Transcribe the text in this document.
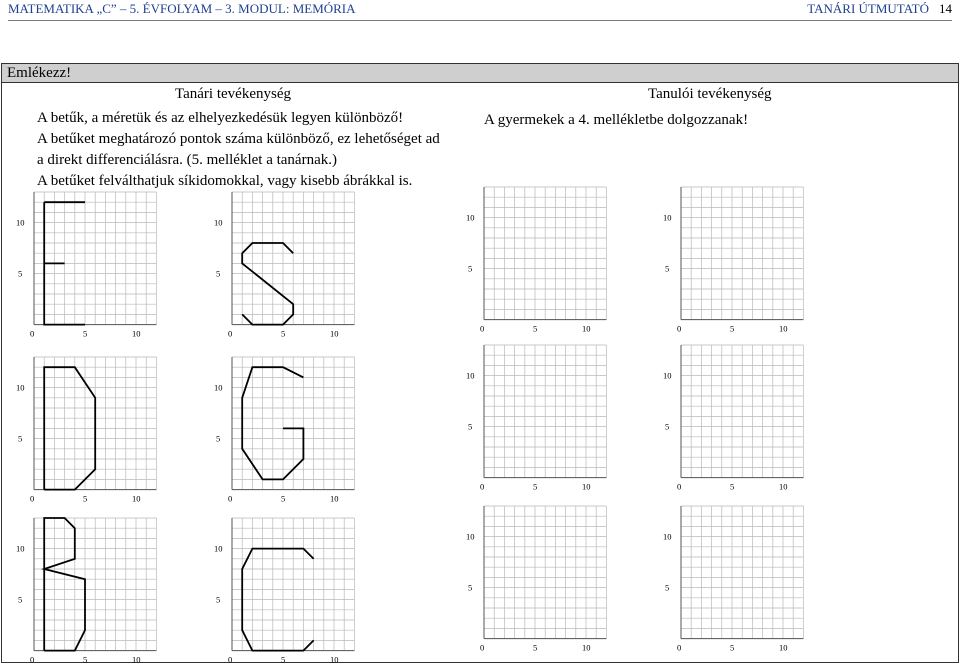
MATEMATIKA „C” – 5. ÉVFOLYAM – 3. MODUL: MEMÓRIA	TANÁRI ÚTMUTATÓ 14
Emlékezz!
Tanári tevékenység	Tanulói tevékenység

A betűk, a méretük és az elhelyezkedésük legyen különböző!

A betűket meghatározó pontok száma különböző, ez lehetőséget ad

a direkt differenciálásra. (5. melléklet a tanárnak.)

A betűket felválthatjuk síkidomokkal, vagy kisebb ábrákkal is.

A gyermekek a 4. mellékletbe dolgozzanak!
0	5	10
5
10
0	5	10
5
10
0	5	10
5
10
0	5	10
5
10
0	5	10
5
10
0	5	10
5
10
0	5	10
5
10
0	5	10
5
10
0	5	10
5
10
0	5	10
5
10
0	5	10
5
10
0	5	10
5
10
